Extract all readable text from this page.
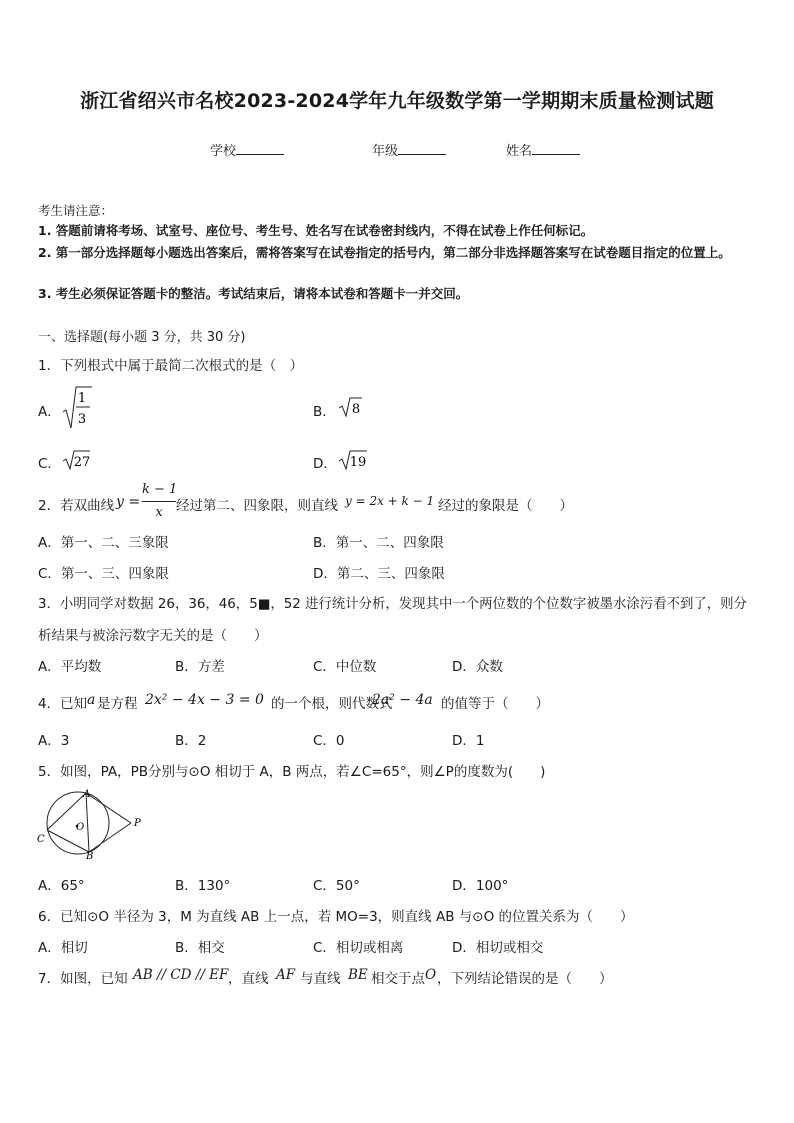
浙江省绍兴市名校2023-2024学年九年级数学第一学期期末质量检测试题
学校	年级	姓名
考生请注意：
1. 答题前请将考场、试室号、座位号、考生号、姓名写在试卷密封线内，不得在试卷上作任何标记。
2. 第一部分选择题每小题选出答案后，需将答案写在试卷指定的括号内，第二部分非选择题答案写在试卷题目指定的位置上。
3. 考生必须保证答题卡的整洁。考试结束后，请将本试卷和答题卡一并交回。
一、选择题(每小题 3 分，共 30 分)
1．下列根式中属于最简二次根式的是（　）
A．
1
3	B． 8
C． 27	D． 19
2．若双曲线 y =
k − 1
x 经过第二、四象限，则直线 y = 2x + k − 1 经过的象限是（　　）
A．第一、二、三象限	B．第一、二、四象限
C．第一、三、四象限	D．第二、三、四象限
3．小明同学对数据 26，36，46，5■，52 进行统计分析，发现其中一个两位数的个位数字被墨水涂污看不到了，则分
析结果与被涂污数字无关的是（　　）
A．平均数	B．方差	C．中位数	D．众数
4．已知 a 是方程 2x² − 4x − 3 = 0 的一个根，则代数式
2a² − 4a 的值等于（　　）
A．3	B．2	C．0	D．1
5．如图，PA，PB分别与⊙O 相切于 A，B 两点，若∠C=65°，则∠P的度数为(　　)
A
B
C
O	P
A．65°	B．130°	C．50°	D．100°
6．已知⊙O 半径为 3，M 为直线 AB 上一点，若 MO=3，则直线 AB 与⊙O 的位置关系为（　　）
A．相切	B．相交	C．相切或相离	D．相切或相交
7．如图，已知 AB // CD // EF ，直线 AF 与直线 BE 相交于点 O ，下列结论错误的是（　　）
